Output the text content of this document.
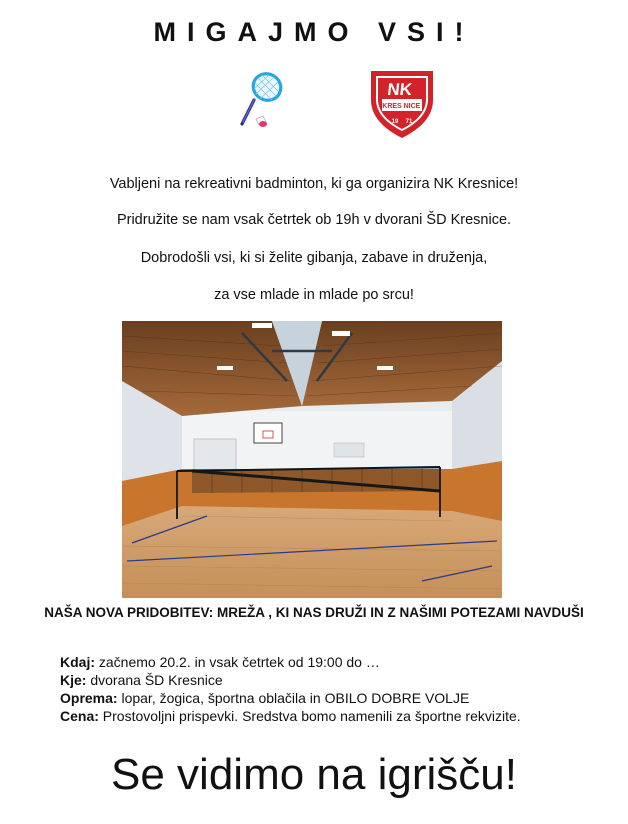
MIGAJMO VSI!
NK
KRES NICE
19 71

Vabljeni na rekreativni badminton, ki ga organizira NK Kresnice!

Pridružite se nam vsak četrtek ob 19h v dvorani ŠD Kresnice.

Dobrodošli vsi, ki si želite gibanja, zabave in druženja,

za vse mlade in mlade po srcu!

NAŠA NOVA PRIDOBITEV: MREŽA , KI NAS DRUŽI IN Z NAŠIMI POTEZAMI NAVDUŠI

Kdaj: začnemo 20.2. in vsak četrtek od 19:00 do …

Kje: dvorana ŠD Kresnice

Oprema: lopar, žogica, športna oblačila in OBILO DOBRE VOLJE

Cena: Prostovoljni prispevki. Sredstva bomo namenili za športne rekvizite.

Se vidimo na igrišču!
